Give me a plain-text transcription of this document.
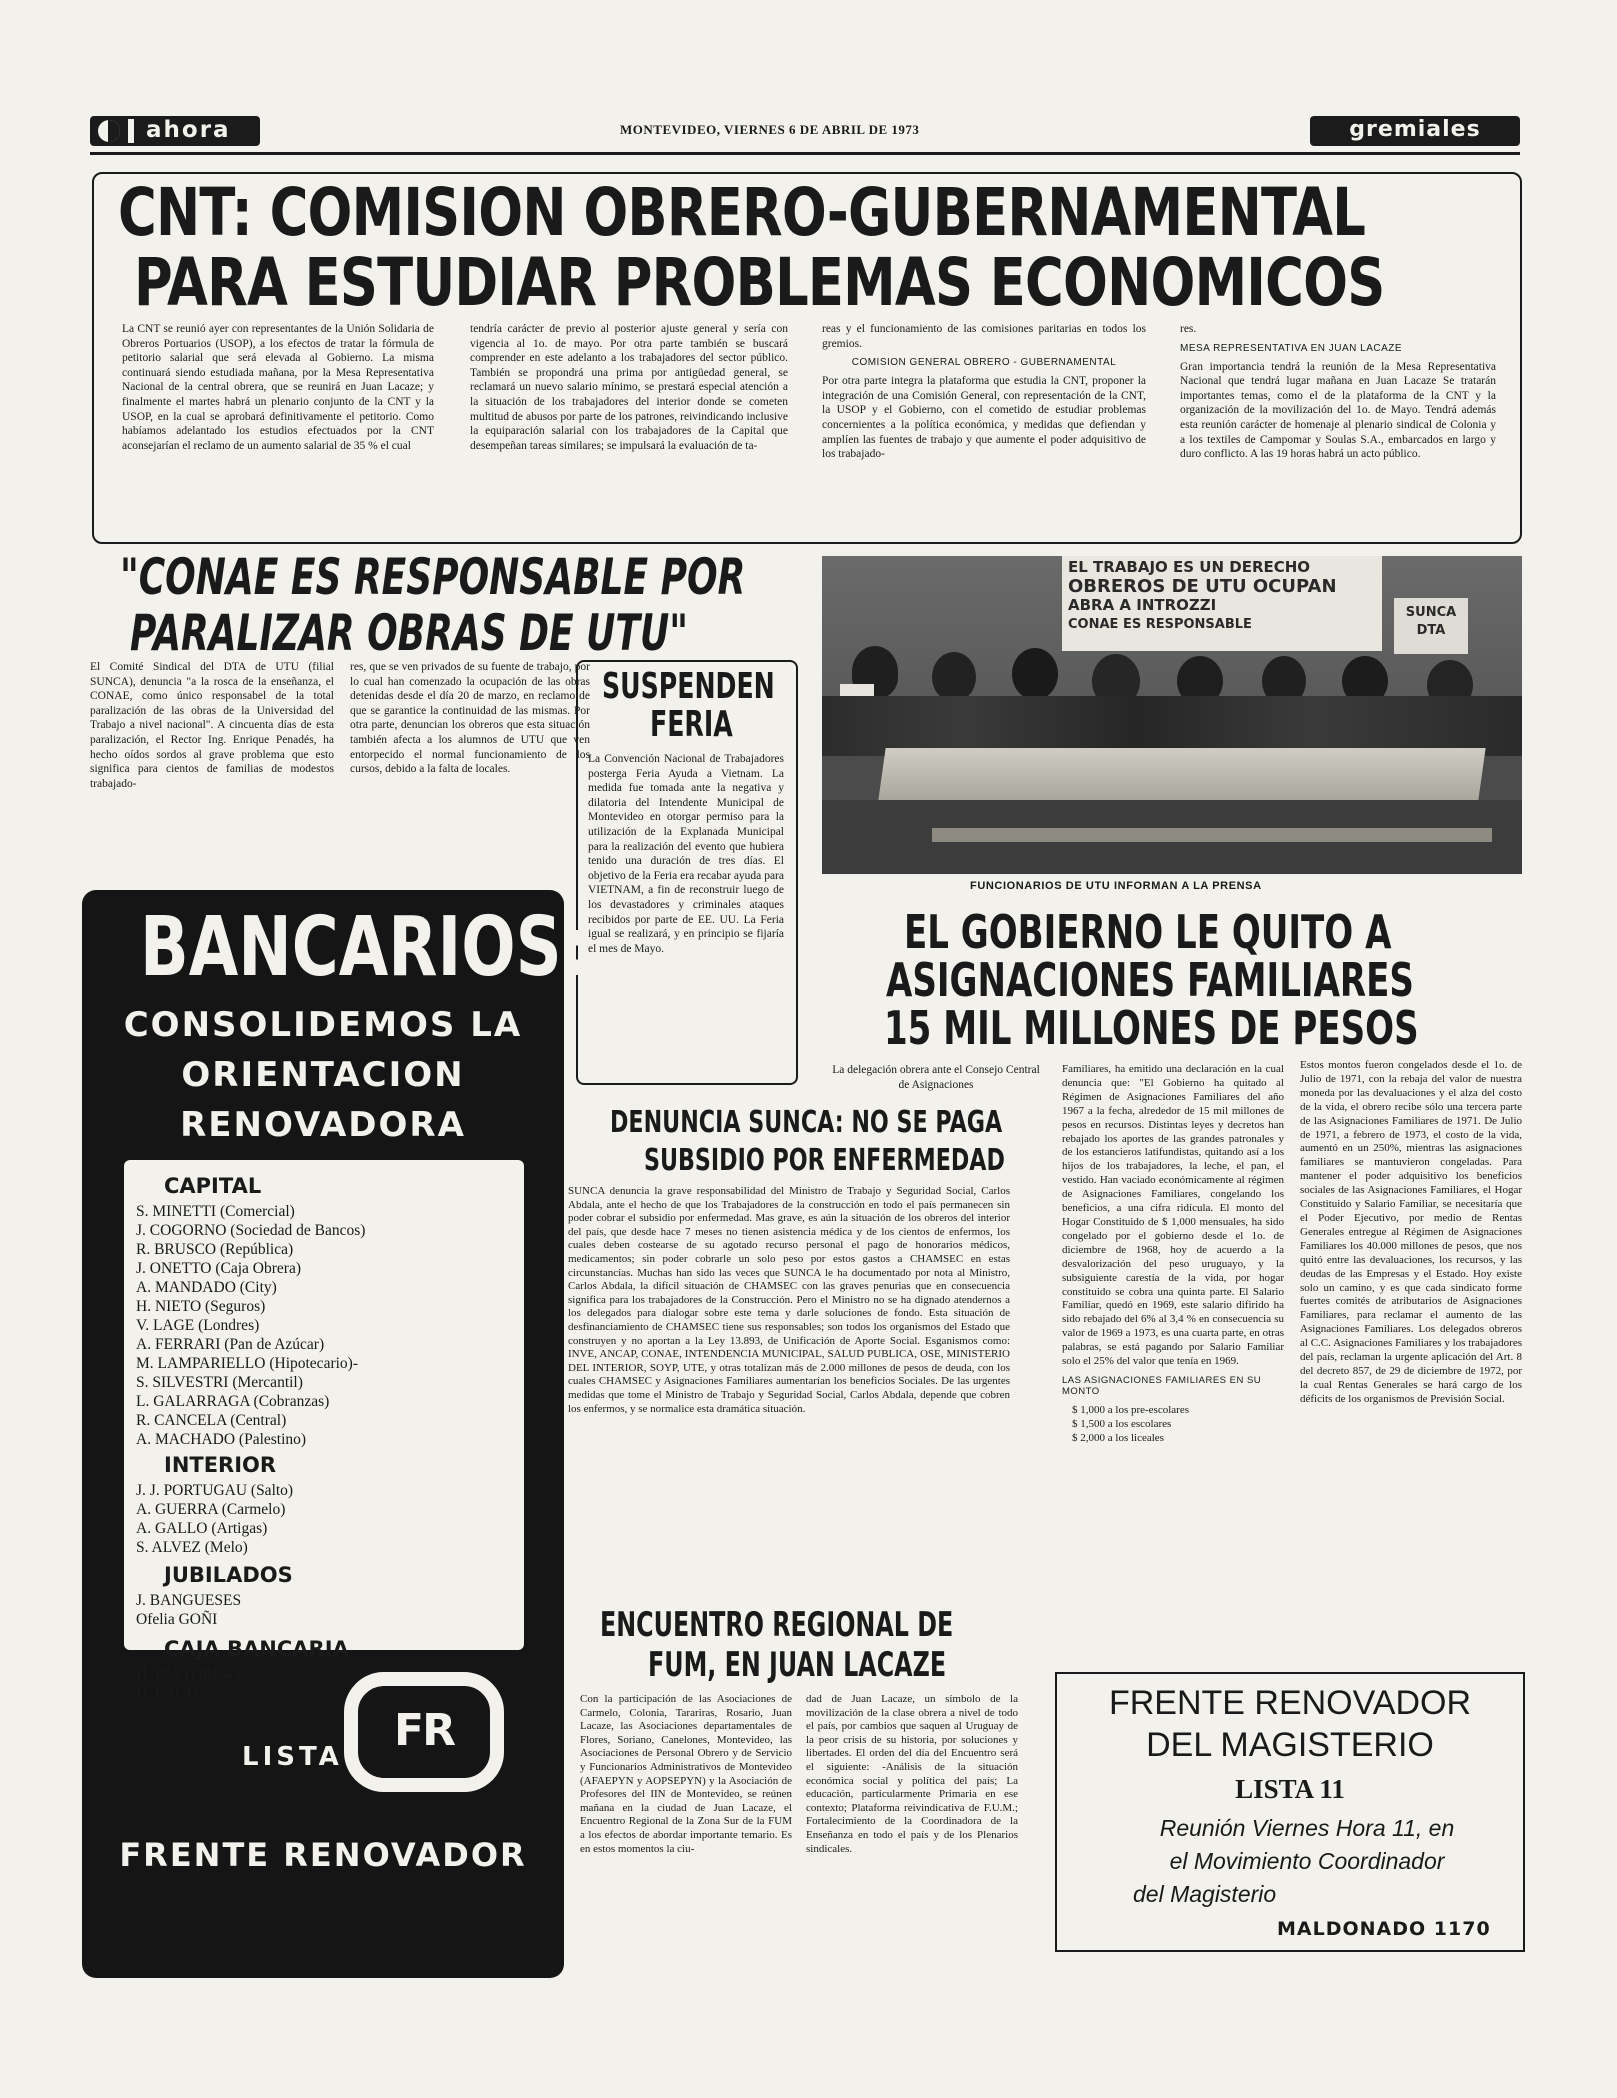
ahora	MONTEVIDEO, VIERNES 6 DE ABRIL DE 1973	gremiales
CNT: COMISION OBRERO-GUBERNAMENTAL
PARA ESTUDIAR PROBLEMAS ECONOMICOS

La CNT se reunió ayer con representantes de la Unión Solidaria de Obreros Portuarios (USOP), a los efectos de tratar la fórmula de petitorio salarial que será elevada al Gobierno. La misma continuará siendo estudiada mañana, por la Mesa Representativa Nacional de la central obrera, que se reunirá en Juan Lacaze; y finalmente el martes habrá un plenario conjunto de la CNT y la USOP, en la cual se aprobará definitivamente el petitorio. Como habíamos adelantado los estudios efectuados por la CNT aconsejarían el reclamo de un aumento salarial de 35 % el cual

tendría carácter de previo al posterior ajuste general y sería con vigencia al 1o. de mayo. Por otra parte también se buscará comprender en este adelanto a los trabajadores del sector público. También se propondrá una prima por antigüedad general, se reclamará un nuevo salario mínimo, se prestará especial atención a la situación de los trabajadores del interior donde se cometen multitud de abusos por parte de los patrones, reivindicando inclusive la equiparación salarial con los trabajadores de la Capital que desempeñan tareas similares; se impulsará la evaluación de ta-

reas y el funcionamiento de las comisiones paritarias en todos los gremios.

COMISION GENERAL OBRERO - GUBERNAMENTAL

Por otra parte integra la plataforma que estudia la CNT, proponer la integración de una Comisión General, con representación de la CNT, la USOP y el Gobierno, con el cometido de estudiar problemas concernientes a la política económica, y medidas que defiendan y amplíen las fuentes de trabajo y que aumente el poder adquisitivo de los trabajado-

res.

MESA REPRESENTATIVA EN JUAN LACAZE

Gran importancia tendrá la reunión de la Mesa Representativa Nacional que tendrá lugar mañana en Juan Lacaze Se tratarán importantes temas, como el de la plataforma de la CNT y la organización de la movilización del 1o. de Mayo. Tendrá además esta reunión carácter de homenaje al plenario sindical de Colonia y a los textiles de Campomar y Soulas S.A., embarcados en largo y duro conflicto. A las 19 horas habrá un acto público.

"CONAE ES RESPONSABLE POR
PARALIZAR OBRAS DE UTU"

El Comité Sindical del DTA de UTU (filial SUNCA), denuncia "a la rosca de la enseñanza, el CONAE, como único responsabel de la total paralización de las obras de la Universidad del Trabajo a nivel nacional". A cincuenta días de esta paralización, el Rector Ing. Enrique Penadés, ha hecho oídos sordos al grave problema que esto significa para cientos de familias de modestos trabajado-

res, que se ven privados de su fuente de trabajo, por lo cual han comenzado la ocupación de las obras detenidas desde el día 20 de marzo, en reclamo de que se garantice la continuidad de las mismas. Por otra parte, denuncian los obreros que esta situación también afecta a los alumnos de UTU que ven entorpecido el normal funcionamiento de los cursos, debido a la falta de locales.

SUSPENDEN
FERIA

La Convención Nacional de Trabajadores posterga Feria Ayuda a Vietnam. La medida fue tomada ante la negativa y dilatoria del Intendente Municipal de Montevideo en otorgar permiso para la utilización de la Explanada Municipal para la realización del evento que hubiera tenido una duración de tres días. El objetivo de la Feria era recabar ayuda para VIETNAM, a fin de reconstruir luego de los devastadores y criminales ataques recibidos por parte de EE. UU. La Feria igual se realizará, y en principio se fijaría el mes de Mayo.

EL TRABAJO ES UN DERECHO
OBREROS DE UTU OCUPAN
ABRA A INTROZZI
CONAE ES RESPONSABLE
SUNCA
DTA
FUNCIONARIOS DE UTU INFORMAN A LA PRENSA
BANCARIOS:
CONSOLIDEMOS LA
ORIENTACION
RENOVADORA
CAPITAL
S. MINETTI (Comercial)
J. COGORNO (Sociedad de Bancos)
R. BRUSCO (República)
J. ONETTO (Caja Obrera)
A. MANDADO (City)
H. NIETO (Seguros)
V. LAGE (Londres)
A. FERRARI (Pan de Azúcar)
M. LAMPARIELLO (Hipotecario)-
S. SILVESTRI (Mercantil)
L. GALARRAGA (Cobranzas)
R. CANCELA (Central)
A. MACHADO (Palestino)
INTERIOR
J. J. PORTUGAU (Salto)
A. GUERRA (Carmelo)
A. GALLO (Artigas)
S. ALVEZ (Melo)
JUBILADOS
J. BANGUESES
Ofelia GOÑI
CAJA BANCARIA
H. PASTORINO
H. LAGO
FR
LISTA
FRENTE RENOVADOR
DENUNCIA SUNCA: NO SE PAGA
SUBSIDIO POR ENFERMEDAD

SUNCA denuncia la grave responsabilidad del Ministro de Trabajo y Seguridad Social, Carlos Abdala, ante el hecho de que los Trabajadores de la construcción en todo el país permanecen sin poder cobrar el subsidio por enfermedad. Mas grave, es aún la situación de los obreros del interior del país, que desde hace 7 meses no tienen asistencia médica y de los cientos de enfermos, los cuales deben costearse de su agotado recurso personal el pago de honorarios médicos, medicamentos; sin poder cobrarle un solo peso por estos gastos a CHAMSEC en estas circunstancias. Muchas han sido las veces que SUNCA le ha documentado por nota al Ministro, Carlos Abdala, la difícil situación de CHAMSEC con las graves penurias que en consecuencia significa para los trabajadores de la Construcción. Pero el Ministro no se ha dignado atendernos a los delegados para dialogar sobre este tema y darle soluciones de fondo. Esta situación de desfinanciamiento de CHAMSEC tiene sus responsables; son todos los organismos del Estado que construyen y no aportan a la Ley 13.893, de Unificación de Aporte Social. Esganismos como: INVE, ANCAP, CONAE, INTENDENCIA MUNICIPAL, SALUD PUBLICA, OSE, MINISTERIO DEL INTERIOR, SOYP, UTE, y otras totalizan más de 2.000 millones de pesos de deuda, con los cuales CHAMSEC y Asignaciones Familiares aumentarían los beneficios Sociales. De las urgentes medidas que tome el Ministro de Trabajo y Seguridad Social, Carlos Abdala, depende que cobren los enfermos, y se normalice esta dramática situación.

ENCUENTRO REGIONAL DE
FUM, EN JUAN LACAZE

Con la participación de las Asociaciones de Carmelo, Colonia, Tarariras, Rosario, Juan Lacaze, las Asociaciones departamentales de Flores, Soriano, Canelones, Montevideo, las Asociaciones de Personal Obrero y de Servicio y Funcionarios Administrativos de Montevideo (AFAEPYN y AOPSEPYN) y la Asociación de Profesores del IIN de Montevideo, se reúnen mañana en la ciudad de Juan Lacaze, el Encuentro Regional de la Zona Sur de la FUM a los efectos de abordar importante temario. Es en estos momentos la ciu-

dad de Juan Lacaze, un símbolo de la movilización de la clase obrera a nivel de todo el país, por cambios que saquen al Uruguay de la peor crisis de su historia, por soluciones y libertades. El orden del día del Encuentro será el siguiente: -Análisis de la situación económica social y política del país; La educación, particularmente Primaria en ese contexto; Plataforma reivindicativa de F.U.M.; Fortalecimiento de la Coordinadora de la Enseñanza en todo el país y de los Plenarios sindicales.

EL GOBIERNO LE QUITO A
ASIGNACIONES FAMILIARES
15 MIL MILLONES DE PESOS

La delegación obrera ante el Consejo Central de Asignaciones

Familiares, ha emitido una declaración en la cual denuncia que: "El Gobierno ha quitado al Régimen de Asignaciones Familiares del año 1967 a la fecha, alrededor de 15 mil millones de pesos en recursos. Distintas leyes y decretos han rebajado los aportes de las grandes patronales y de los estancieros latifundistas, quitando así a los hijos de los trabajadores, la leche, el pan, el vestido. Han vaciado económicamente al régimen de Asignaciones Familiares, congelando los beneficios, a una cifra ridícula. El monto del Hogar Constituido de $ 1,000 mensuales, ha sido congelado por el gobierno desde el 1o. de diciembre de 1968, hoy de acuerdo a la desvalorización del peso uruguayo, y la subsiguiente carestía de la vida, por hogar constituido se cobra una quinta parte. El Salario Familiar, quedó en 1969, este salario difirido ha sido rebajado del 6% al 3,4 % en consecuencia su valor de 1969 a 1973, es una cuarta parte, en otras palabras, se está pagando por Salario Familiar solo el 25% del valor que tenía en 1969.

LAS ASIGNACIONES FAMILIARES EN SU MONTO
$ 1,000 a los pre-escolares
$ 1,500 a los escolares
$ 2,000 a los liceales

Estos montos fueron congelados desde el 1o. de Julio de 1971, con la rebaja del valor de nuestra moneda por las devaluaciones y el alza del costo de la vida, el obrero recibe sólo una tercera parte de las Asignaciones Familiares de 1971. De Julio de 1971, a febrero de 1973, el costo de la vida, aumentó en un 250%, mientras las asignaciones familiares se mantuvieron congeladas. Para mantener el poder adquisitivo los beneficios sociales de las Asignaciones Familiares, el Hogar Constituido y Salario Familiar, se necesitaría que el Poder Ejecutivo, por medio de Rentas Generales entregue al Régimen de Asignaciones Familiares los 40.000 millones de pesos, que nos quitó entre las devaluaciones, los recursos, y las deudas de las Empresas y el Estado. Hoy existe solo un camino, y es que cada sindicato forme fuertes comités de atributarios de Asignaciones Familiares, para reclamar el aumento de las Asignaciones Familiares. Los delegados obreros al C.C. Asignaciones Familiares y los trabajadores del país, reclaman la urgente aplicación del Art. 8 del decreto 857, de 29 de diciembre de 1972, por la cual Rentas Generales se hará cargo de los déficits de los organismos de Previsión Social.

FRENTE RENOVADOR
DEL MAGISTERIO
LISTA 11
Reunión Viernes Hora 11, en
el Movimiento Coordinador
del Magisterio
MALDONADO 1170
